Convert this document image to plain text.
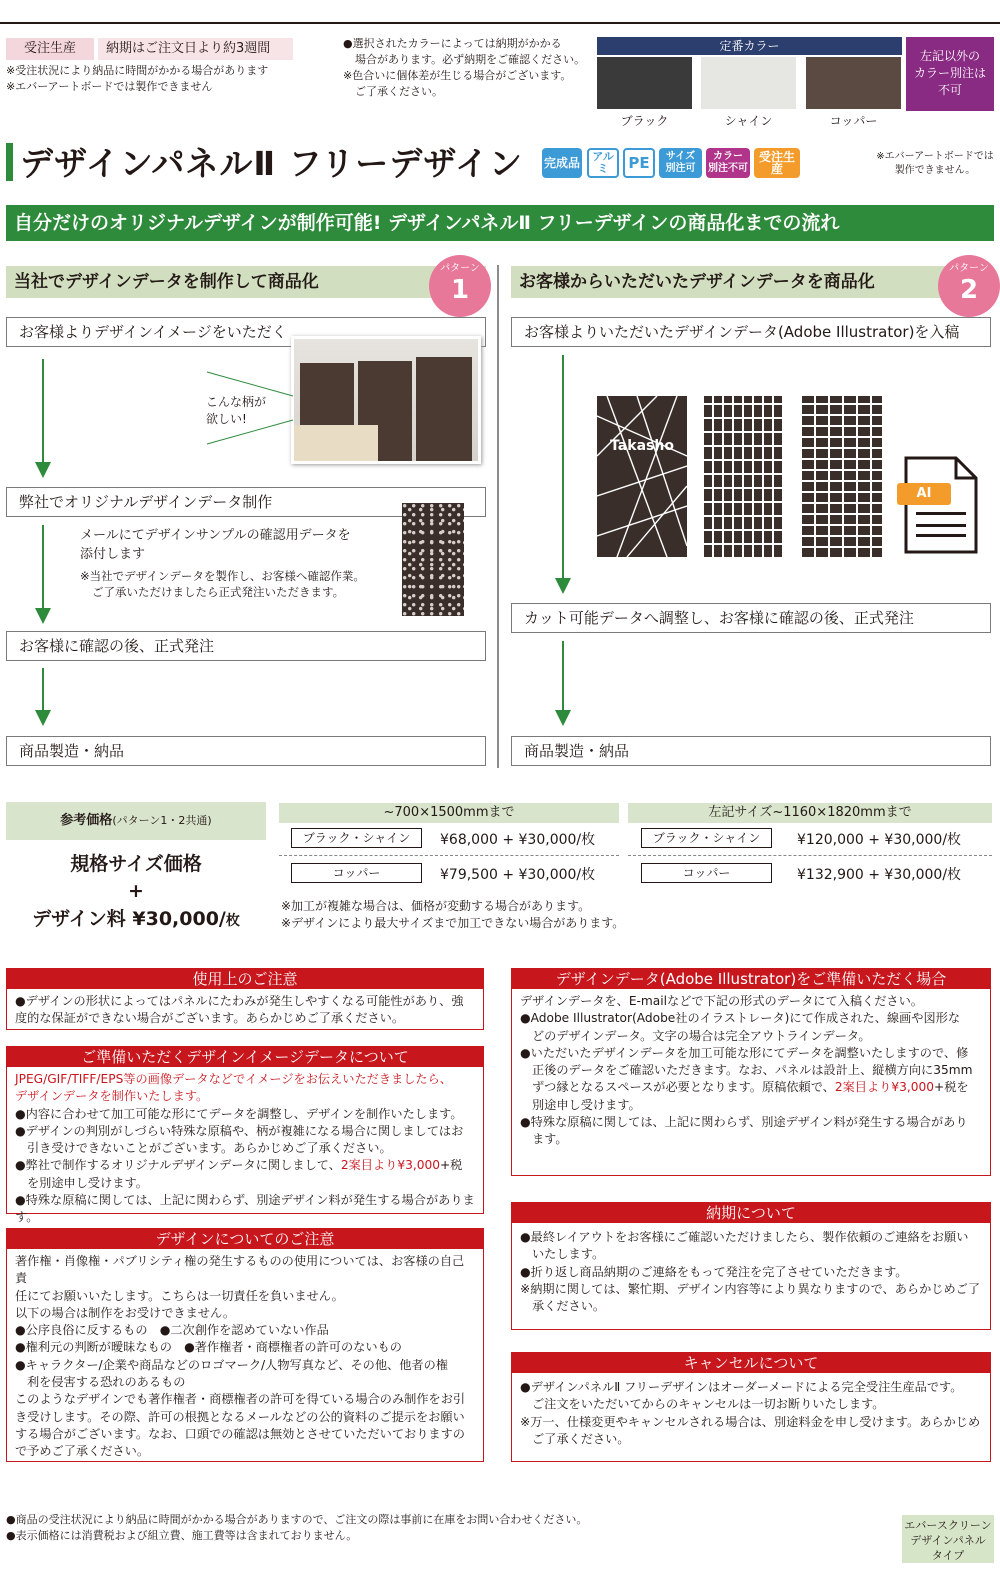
受注生産	納期はご注文日より約3週間
※受注状況により納品に時間がかかる場合があります
※エバーアートボードでは製作できません
●選択されたカラーによっては納期がかかる
場合があります。必ず納期をご確認ください。
※色合いに個体差が生じる場合がございます。
ご了承ください。
定番カラー
ブラック	シャイン	コッパー
左記以外の
カラー別注は
不可
デザインパネルⅡ フリーデザイン 完成品	アルミ	PE	サイズ
別注可
カラー
別注不可
受注生産
※エバーアートボードでは
製作できません。
自分だけのオリジナルデザインが制作可能! デザインパネルⅡ フリーデザインの商品化までの流れ
当社でデザインデータを制作して商品化
パターン
1
お客様よりデザインイメージをいただく
弊社でオリジナルデザインデータ制作
お客様に確認の後、正式発注
商品製造・納品
こんな柄が
欲しい!
メールにてデザインサンプルの確認用データを
添付します
※当社でデザインデータを製作し、お客様へ確認作業。
ご了承いただけましたら正式発注いただきます。
お客様からいただいたデザインデータを商品化
パターン
2
お客様よりいただいたデザインデータ(Adobe Illustrator)を入稿
カット可能データへ調整し、お客様に確認の後、正式発注
商品製造・納品
Takasho
AI
参考価格(パターン1・2共通)
規格サイズ価格
+
デザイン料 ¥30,000/枚
~700×1500mmまで	左記サイズ~1160×1820mmまで
ブラック・シャイン	¥68,000 + ¥30,000/枚
コッパー	¥79,500 + ¥30,000/枚
ブラック・シャイン	¥120,000 + ¥30,000/枚
コッパー	¥132,900 + ¥30,000/枚
※加工が複雑な場合は、価格が変動する場合があります。
※デザインにより最大サイズまで加工できない場合があります。
使用上のご注意
●デザインの形状によってはパネルにたわみが発生しやすくなる可能性があり、強
度的な保証ができない場合がございます。あらかじめご了承ください。
ご準備いただくデザインイメージデータについて
JPEG/GIF/TIFF/EPS等の画像データなどでイメージをお伝えいただきましたら、
デザインデータを制作いたします。
●内容に合わせて加工可能な形にてデータを調整し、デザインを制作いたします。
●デザインの判別がしづらい特殊な原稿や、柄が複雑になる場合に関しましてはお
引き受けできないことがございます。あらかじめご了承ください。
●弊社で制作するオリジナルデザインデータに関しまして、2案目より¥3,000+税
を別途申し受けます。
●特殊な原稿に関しては、上記に関わらず、別途デザイン料が発生する場合があります。
デザインについてのご注意
著作権・肖像権・パブリシティ権の発生するものの使用については、お客様の自己責
任にてお願いいたします。こちらは一切責任を負いません。
以下の場合は制作をお受けできません。
●公序良俗に反するもの　●二次創作を認めていない作品
●権利元の判断が曖昧なもの　●著作権者・商標権者の許可のないもの
●キャラクター/企業や商品などのロゴマーク/人物写真など、その他、他者の権
利を侵害する恐れのあるもの
このようなデザインでも著作権者・商標権者の許可を得ている場合のみ制作をお引
き受けします。その際、許可の根拠となるメールなどの公的資料のご提示をお願い
する場合がございます。なお、口頭での確認は無効とさせていただいておりますの
で予めご了承ください。
デザインデータ(Adobe Illustrator)をご準備いただく場合
デザインデータを、E-mailなどで下記の形式のデータにて入稿ください。
●Adobe Illustrator(Adobe社のイラストレータ)にて作成された、線画や図形な
どのデザインデータ。文字の場合は完全アウトラインデータ。
●いただいたデザインデータを加工可能な形にてデータを調整いたしますので、修
正後のデータをご確認いただきます。なお、パネルは設計上、縦横方向に35mm
ずつ縁となるスペースが必要となります。原稿依頼で、2案目より¥3,000+税を
別途申し受けます。
●特殊な原稿に関しては、上記に関わらず、別途デザイン料が発生する場合があり
ます。
納期について
●最終レイアウトをお客様にご確認いただけましたら、製作依頼のご連絡をお願い
いたします。
●折り返し商品納期のご連絡をもって発注を完了させていただきます。
※納期に関しては、繁忙期、デザイン内容等により異なりますので、あらかじめご了
承ください。
キャンセルについて
●デザインパネルⅡ フリーデザインはオーダーメードによる完全受注生産品です。
ご注文をいただいてからのキャンセルは一切お断りいたします。
※万一、仕様変更やキャンセルされる場合は、別途料金を申し受けます。あらかじめ
ご了承ください。
●商品の受注状況により納品に時間がかかる場合がありますので、ご注文の際は事前に在庫をお問い合わせください。
●表示価格には消費税および組立費、施工費等は含まれておりません。
エバースクリーン
デザインパネル
タイプ
